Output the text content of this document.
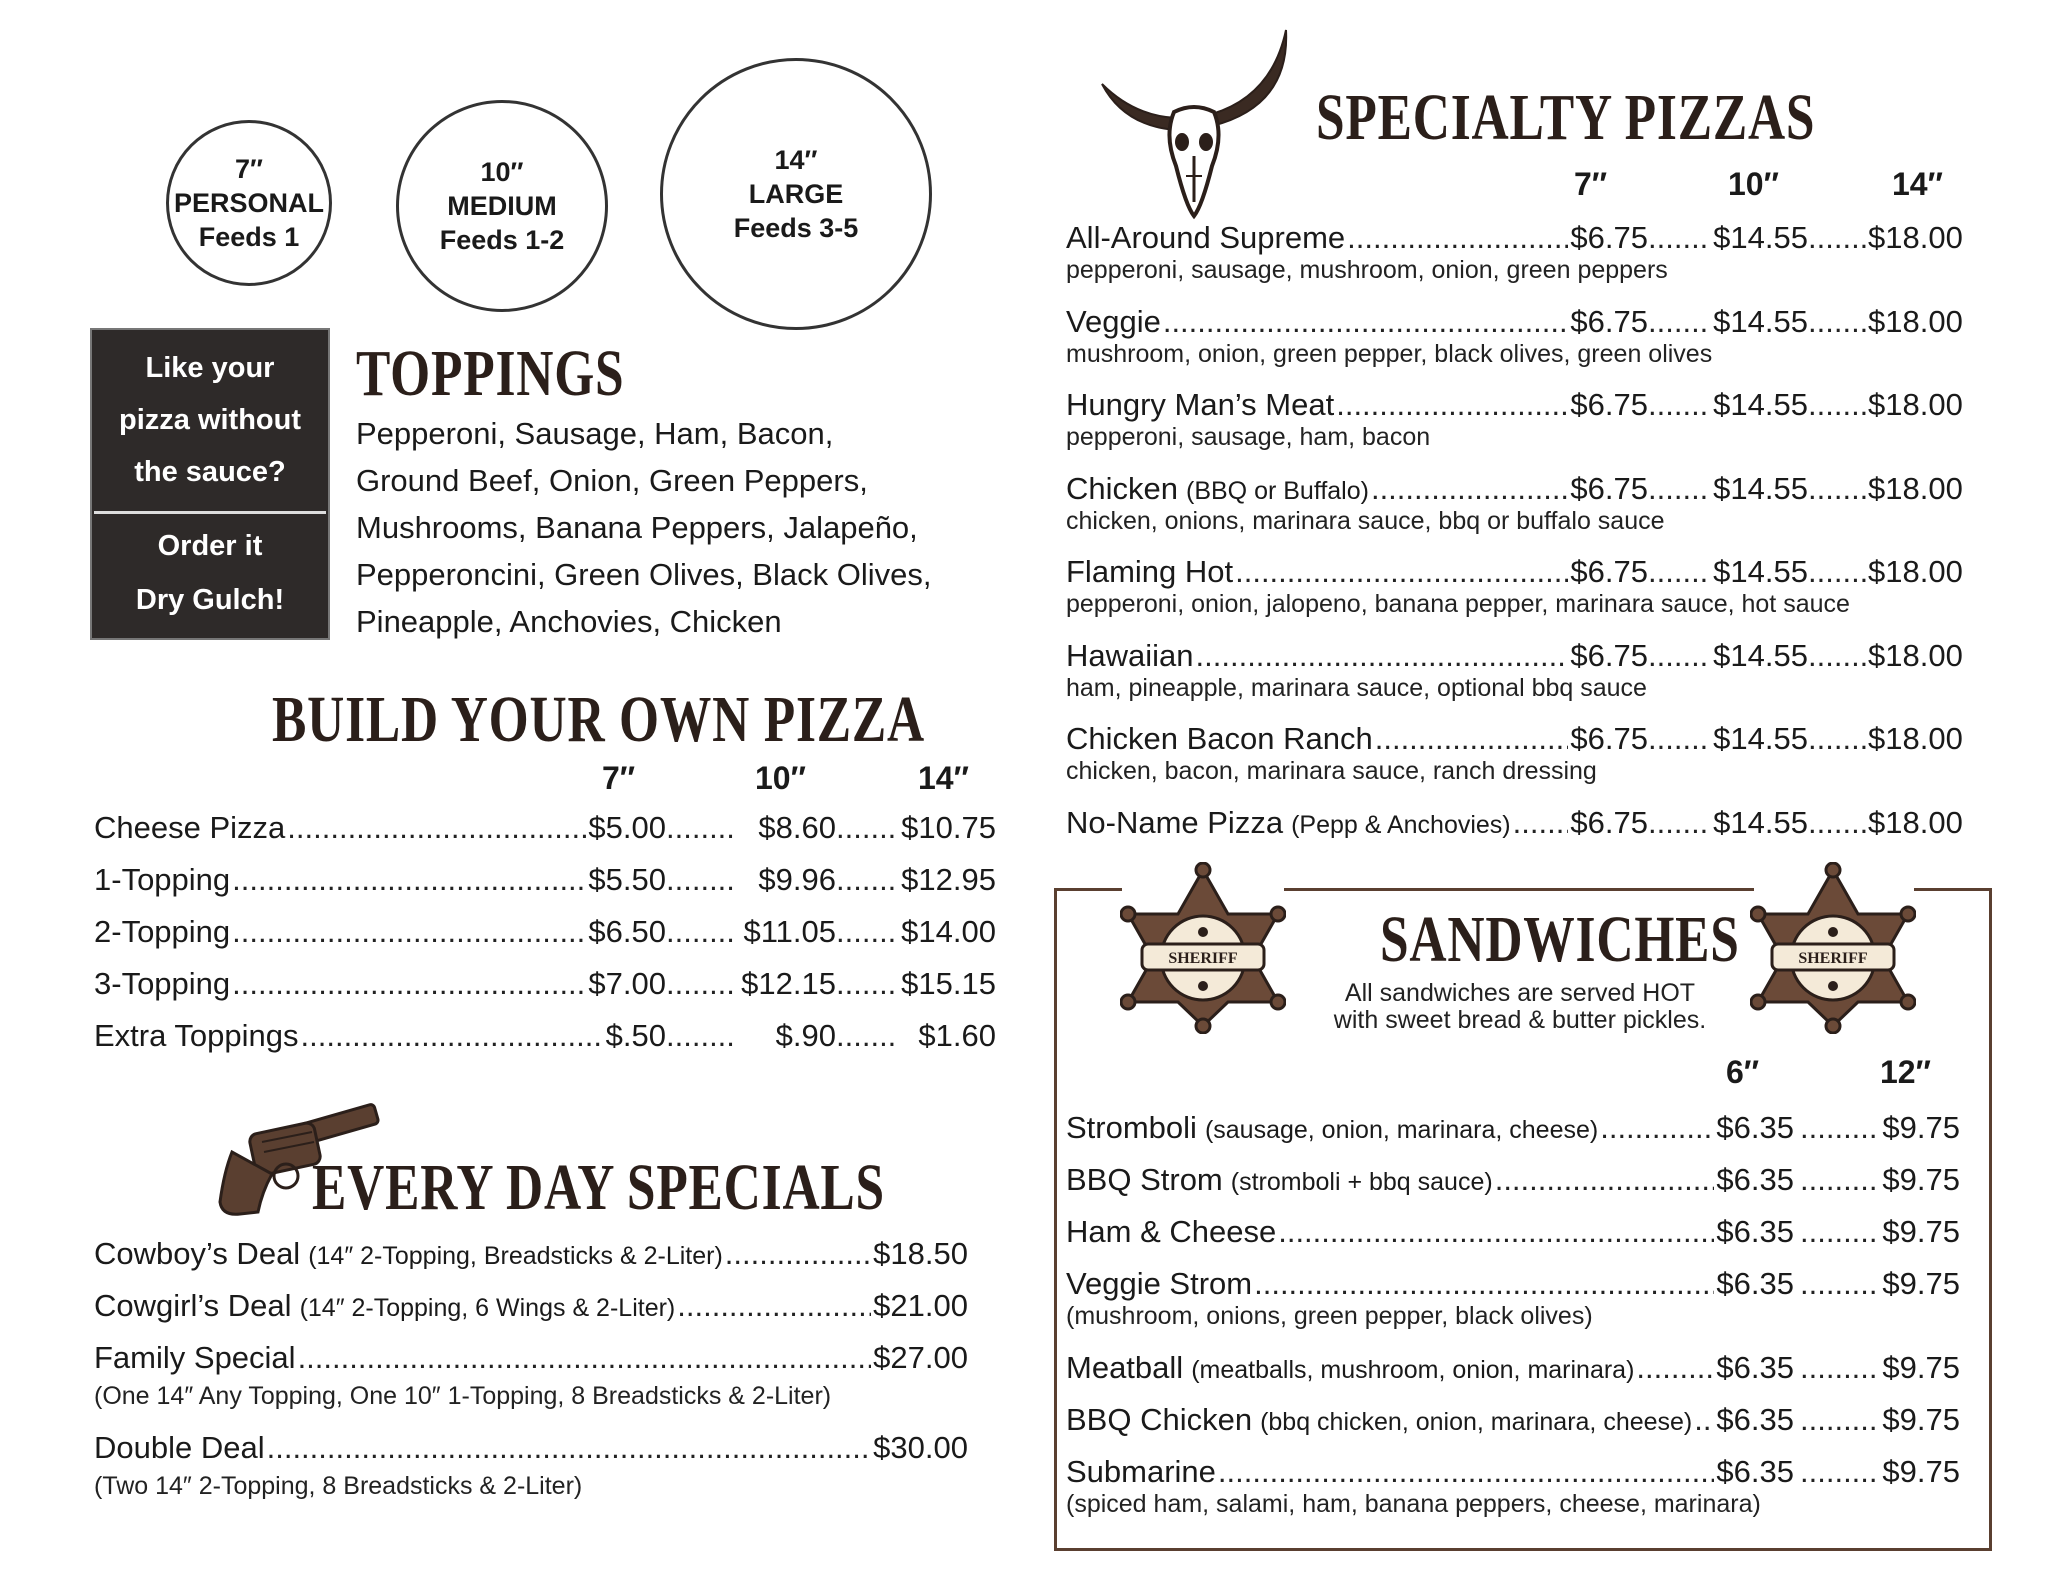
7″
PERSONAL
Feeds 1
10″
MEDIUM
Feeds 1-2
14″
LARGE
Feeds 3-5
Like your
pizza without
the sauce?
Order it
Dry Gulch!
TOPPINGS
Pepperoni, Sausage, Ham, Bacon,
Ground Beef, Onion, Green Peppers,
Mushrooms, Banana Peppers, Jalapeño,
Pepperoncini, Green Olives, Black Olives,
Pineapple, Anchovies, Chicken
BUILD YOUR OWN PIZZA
7″	10″	14″
Cheese Pizza .....	$5.00 .....	$8.60 ..... $10.75
1-Topping .....	$5.50 .....	$9.96 ..... $12.95
2-Topping .....	$6.50 ..... $11.05 ..... $14.00
3-Topping .....	$7.00 ..... $12.15 ..... $15.15
Extra Toppings .....	$.50 .....	$.90 .....	$1.60
EVERY DAY SPECIALS
Cowboy’s Deal (14″ 2-Topping, Breadsticks & 2-Liter) .....	$18.50
Cowgirl’s Deal (14″ 2-Topping, 6 Wings & 2-Liter) .....	$21.00
Family Special .....	$27.00
(One 14″ Any Topping, One 10″ 1-Topping, 8 Breadsticks & 2-Liter)
Double Deal .....	$30.00
(Two 14″ 2-Topping, 8 Breadsticks & 2-Liter)
SPECIALTY PIZZAS
7″	10″	14″
All-Around Supreme .....	$6.75 ..... $14.55 ..... $18.00
pepperoni, sausage, mushroom, onion, green peppers
Veggie .....	$6.75 ..... $14.55 ..... $18.00
mushroom, onion, green pepper, black olives, green olives
Hungry Man’s Meat .....	$6.75 ..... $14.55 ..... $18.00
pepperoni, sausage, ham, bacon
Chicken (BBQ or Buffalo) .....	$6.75 ..... $14.55 ..... $18.00
chicken, onions, marinara sauce, bbq or buffalo sauce
Flaming Hot .....	$6.75 ..... $14.55 ..... $18.00
pepperoni, onion, jalopeno, banana pepper, marinara sauce, hot sauce
Hawaiian .....	$6.75 ..... $14.55 ..... $18.00
ham, pineapple, marinara sauce, optional bbq sauce
Chicken Bacon Ranch .....	$6.75 ..... $14.55 ..... $18.00
chicken, bacon, marinara sauce, ranch dressing
No-Name Pizza (Pepp & Anchovies) ..... $6.75 ..... $14.55 ..... $18.00
SHERIFF	SHERIFF
SANDWICHES
All sandwiches are served HOT
with sweet bread & butter pickles.
6″	12″
Stromboli (sausage, onion, marinara, cheese) .....	$6.35 .....	$9.75
BBQ Strom (stromboli + bbq sauce) .....	$6.35 .....	$9.75
Ham & Cheese .....	$6.35 .....	$9.75
Veggie Strom .....	$6.35 .....	$9.75
(mushroom, onions, green pepper, black olives)
Meatball (meatballs, mushroom, onion, marinara) .....	$6.35 .....	$9.75
BBQ Chicken (bbq chicken, onion, marinara, cheese) ..... $6.35 .....	$9.75
Submarine .....	$6.35 .....	$9.75
(spiced ham, salami, ham, banana peppers, cheese, marinara)
